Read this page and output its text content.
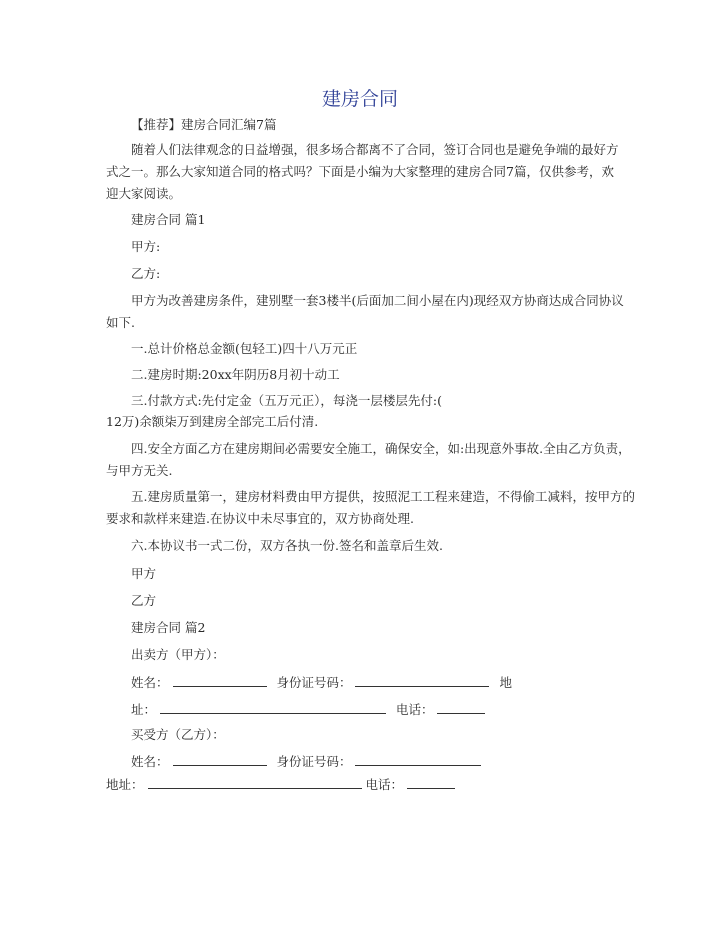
建房合同
【推荐】建房合同汇编7篇
随着人们法律观念的日益增强，很多场合都离不了合同，签订合同也是避免争端的最好方
式之一。那么大家知道合同的格式吗？下面是小编为大家整理的建房合同7篇，仅供参考，欢
迎大家阅读。
建房合同 篇1
甲方:
乙方:
甲方为改善建房条件，建别墅一套3楼半(后面加二间小屋在内)现经双方协商达成合同协议
如下.
一.总计价格总金额(包轻工)四十八万元正
二.建房时期:20xx年阴历8月初十动工
三.付款方式:先付定金（五万元正），每浇一层楼层先付:(
12万)余额柒万到建房全部完工后付清.
四.安全方面乙方在建房期间必需要安全施工，确保安全，如:出现意外事故.全由乙方负责，
与甲方无关.
五.建房质量第一，建房材料费由甲方提供，按照泥工工程来建造，不得偷工减料，按甲方的
要求和款样来建造.在协议中未尽事宜的，双方协商处理.
六.本协议书一式二份，双方各执一份.签名和盖章后生效.
甲方
乙方
建房合同 篇2
出卖方（甲方）：
姓名：	身份证号码：	地
址：	电话：
买受方（乙方）：
姓名：	身份证号码：
地址：	电话：
